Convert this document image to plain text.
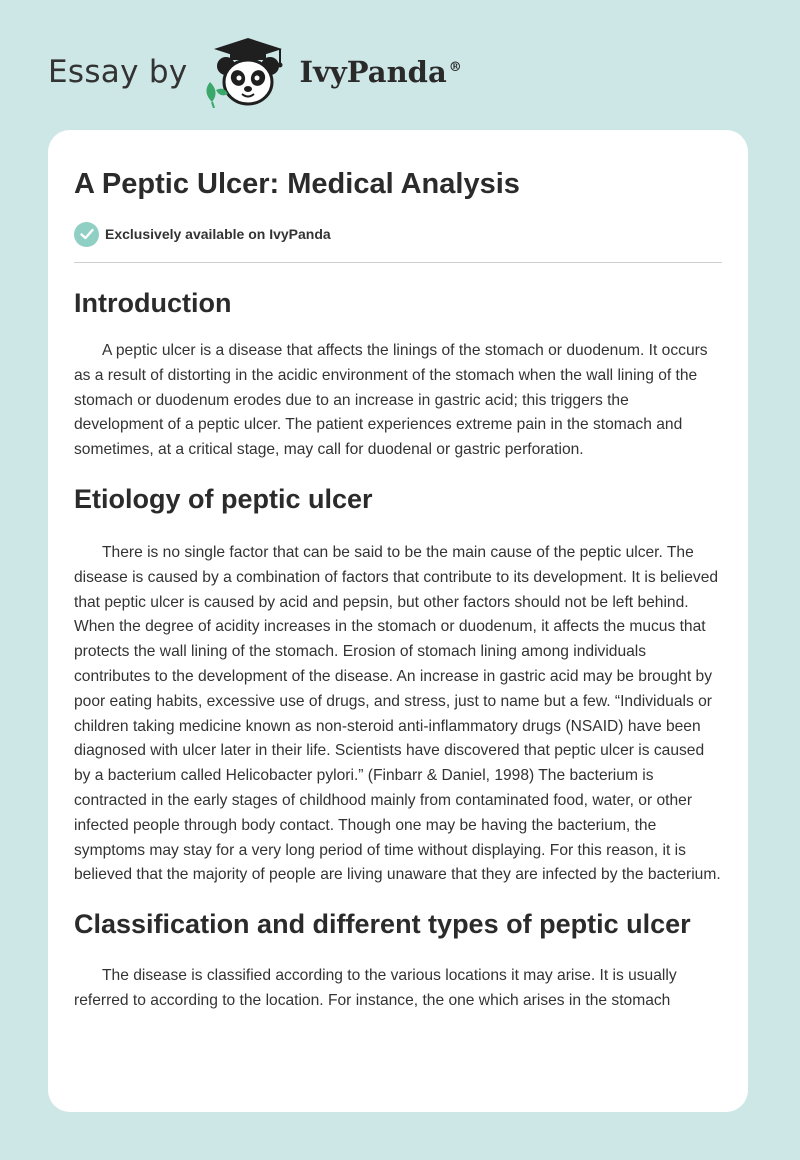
Essay by	IvyPanda ®
A Peptic Ulcer: Medical Analysis
Exclusively available on IvyPanda
Introduction

A peptic ulcer is a disease that affects the linings of the stomach or duodenum. It occurs as a result of distorting in the acidic environment of the stomach when the wall lining of the stomach or duodenum erodes due to an increase in gastric acid; this triggers the development of a peptic ulcer. The patient experiences extreme pain in the stomach and sometimes, at a critical stage, may call for duodenal or gastric perforation.

Etiology of peptic ulcer

There is no single factor that can be said to be the main cause of the peptic ulcer. The disease is caused by a combination of factors that contribute to its development. It is believed that peptic ulcer is caused by acid and pepsin, but other factors should not be left behind. When the degree of acidity increases in the stomach or duodenum, it affects the mucus that protects the wall lining of the stomach. Erosion of stomach lining among individuals contributes to the development of the disease. An increase in gastric acid may be brought by poor eating habits, excessive use of drugs, and stress, just to name but a few. “Individuals or children taking medicine known as non-steroid anti-inflammatory drugs (NSAID) have been diagnosed with ulcer later in their life. Scientists have discovered that peptic ulcer is caused by a bacterium called Helicobacter pylori.” (Finbarr & Daniel, 1998) The bacterium is contracted in the early stages of childhood mainly from contaminated food, water, or other infected people through body contact. Though one may be having the bacterium, the symptoms may stay for a very long period of time without displaying. For this reason, it is believed that the majority of people are living unaware that they are infected by the bacterium.

Classification and different types of peptic ulcer

The disease is classified according to the various locations it may arise. It is usually referred to according to the location. For instance, the one which arises in the stomach
